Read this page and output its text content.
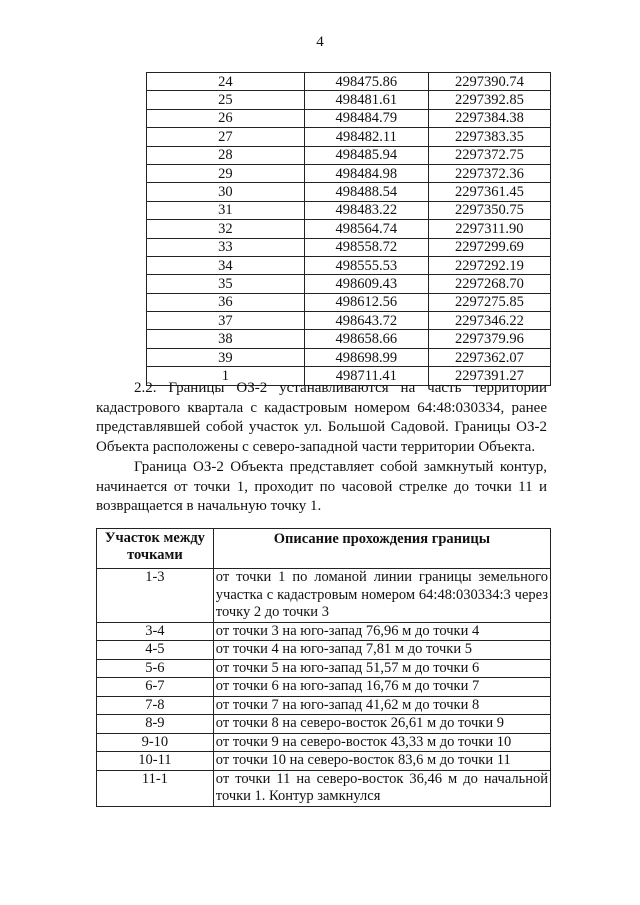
4
24	498475.86	2297390.74
25	498481.61	2297392.85
26	498484.79	2297384.38
27	498482.11	2297383.35
28	498485.94	2297372.75
29	498484.98	2297372.36
30	498488.54	2297361.45
31	498483.22	2297350.75
32	498564.74	2297311.90
33	498558.72	2297299.69
34	498555.53	2297292.19
35	498609.43	2297268.70
36	498612.56	2297275.85
37	498643.72	2297346.22
38	498658.66	2297379.96
39	498698.99	2297362.07
1	498711.41	2297391.27

2.2. Границы ОЗ-2 устанавливаются на часть территории кадастрового квартала с кадастровым номером 64:48:030334, ранее представлявшей собой участок ул. Большой Садовой. Границы ОЗ-2 Объекта расположены с северо-западной части территории Объекта.

Граница ОЗ-2 Объекта представляет собой замкнутый контур, начинается от точки 1, проходит по часовой стрелке до точки 11 и возвращается в начальную точку 1.

Участок между точками	Описание прохождения границы
1-3	от точки 1 по ломаной линии границы земельного участка с кадастровым номером 64:48:030334:3 через точку 2 до точки 3
3-4	от точки 3 на юго-запад 76,96 м до точки 4
4-5	от точки 4 на юго-запад 7,81 м до точки 5
5-6	от точки 5 на юго-запад 51,57 м до точки 6
6-7	от точки 6 на юго-запад 16,76 м до точки 7
7-8	от точки 7 на юго-запад 41,62 м до точки 8
8-9	от точки 8 на северо-восток 26,61 м до точки 9
9-10	от точки 9 на северо-восток 43,33 м до точки 10
10-11	от точки 10 на северо-восток 83,6 м до точки 11
11-1	от точки 11 на северо-восток 36,46 м до начальной точки 1. Контур замкнулся
